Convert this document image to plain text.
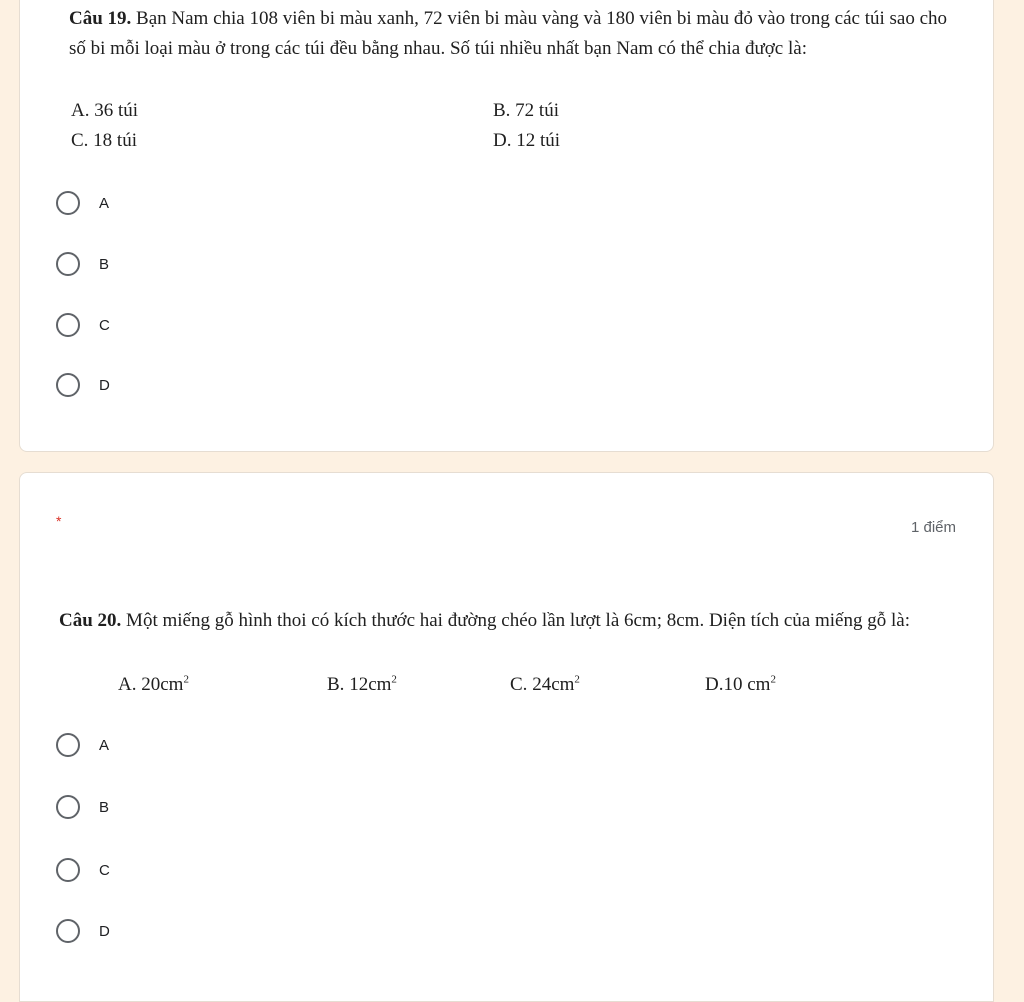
Câu 19. Bạn Nam chia 108 viên bi màu xanh, 72 viên bi màu vàng và 180 viên bi màu đỏ vào trong các túi sao cho số bi mỗi loại màu ở trong các túi đều bằng nhau. Số túi nhiều nhất bạn Nam có thể chia được là:

A. 36 túi	B. 72 túi
C. 18 túi	D. 12 túi
A
B
C
D
*	1 điểm

Câu 20. Một miếng gỗ hình thoi có kích thước hai đường chéo lần lượt là 6cm; 8cm. Diện tích của miếng gỗ là:

A. $20cm^2$	B. $12cm^2$	C. $24cm^2$	D.10 $cm^2$
A
B
C
D
